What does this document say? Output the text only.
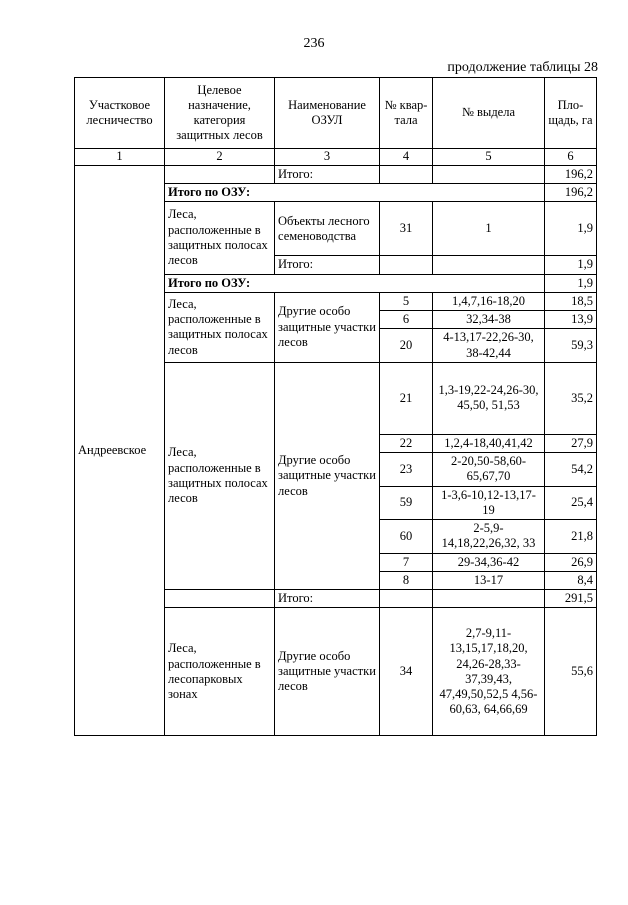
236
продолжение таблицы 28
Участковое лесничество	Целевое назначение, категория защитных лесов	Наименование ОЗУЛ	№ квар-тала	№ выдела	Пло-щадь, га
1	2	3	4	5	6
Андреевское		Итого:			196,2
	Итого по ОЗУ:				196,2
	Леса, расположенные в защитных полосах лесов	Объекты лесного семеноводства	31	1	1,9
		Итого:			1,9
	Итого по ОЗУ:				1,9
	Леса, расположенные в защитных полосах лесов	Другие особо защитные участки лесов	5	1,4,7,16-18,20	18,5
			6	32,34-38	13,9
			20	4-13,17-22,26-30, 38-42,44	59,3
	Леса, расположенные в защитных полосах лесов	Другие особо защитные участки лесов	21	1,3-19,22-24,26-30, 45,50, 51,53	35,2
			22	1,2,4-18,40,41,42	27,9
			23	2-20,50-58,60-65,67,70	54,2
			59	1-3,6-10,12-13,17-19	25,4
			60	2-5,9-14,18,22,26,32, 33	21,8
			7	29-34,36-42	26,9
			8	13-17	8,4
		Итого:			291,5
	Леса, расположенные в лесопарковых зонах	Другие особо защитные участки лесов	34	2,7-9,11-13,15,17,18,20, 24,26-28,33-37,39,43, 47,49,50,52,5 4,56-60,63, 64,66,69	55,6
